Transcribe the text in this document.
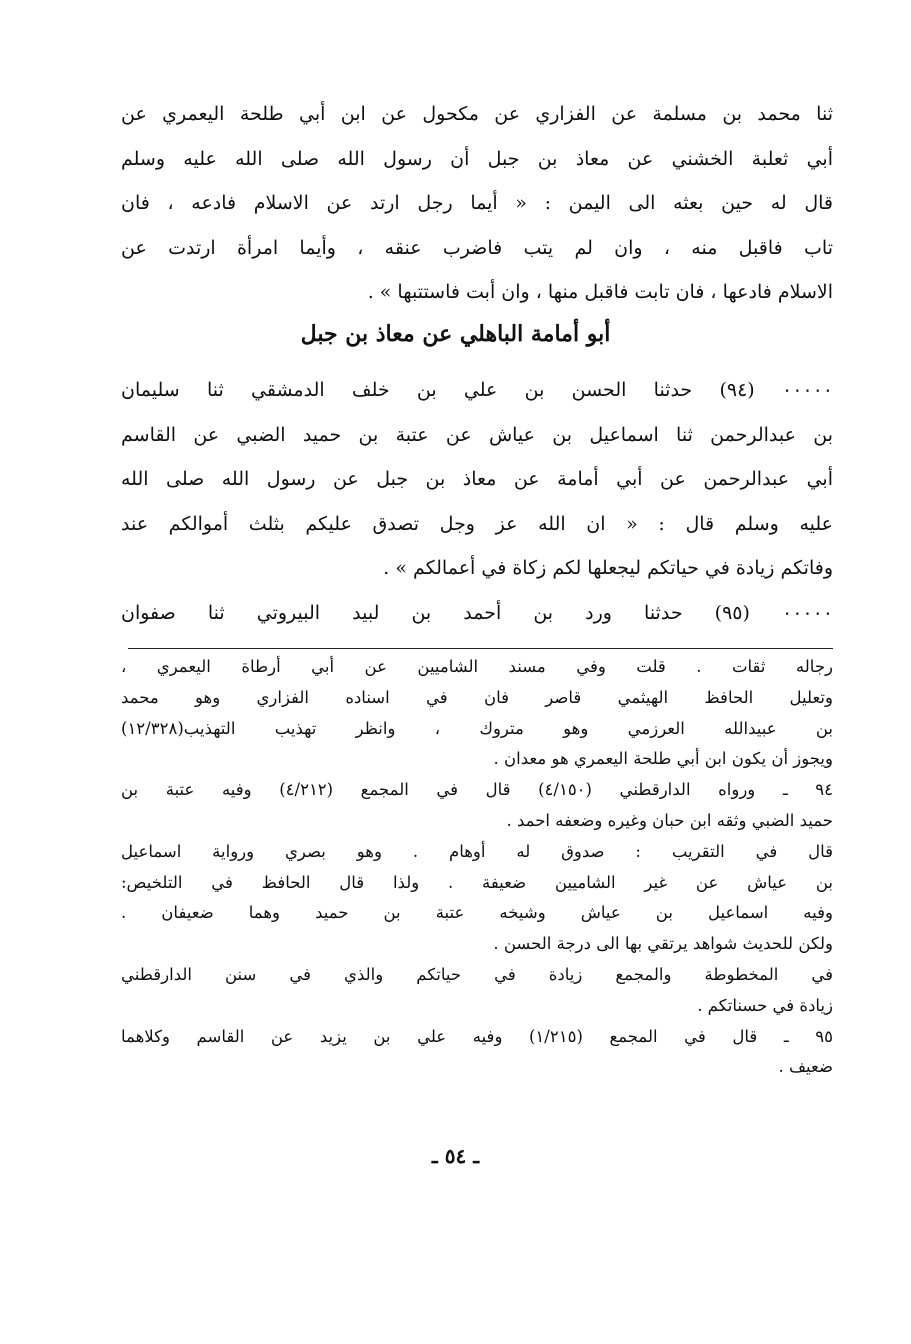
ثنا محمد بن مسلمة عن الفزاري عن مكحول عن ابن أبي طلحة اليعمري عن
أبي ثعلبة الخشني عن معاذ بن جبل أن رسول الله صلى الله عليه وسلم
قال له حين بعثه الى اليمن : « أيما رجل ارتد عن الاسلام فادعه ، فان
تاب فاقبل منه ، وان لم يتب فاضرب عنقه ، وأيما امرأة ارتدت عن
الاسلام فادعها ، فان تابت فاقبل منها ، وان أبت فاستتبها » .
أبو أمامة الباهلي عن معاذ بن جبل
٠٠٠٠٠ (٩٤) حدثنا الحسن بن علي بن خلف الدمشقي ثنا سليمان
بن عبدالرحمن ثنا اسماعيل بن عياش عن عتبة بن حميد الضبي عن القاسم
أبي عبدالرحمن عن أبي أمامة عن معاذ بن جبل عن رسول الله صلى الله
عليه وسلم قال : « ان الله عز وجل تصدق عليكم بثلث أموالكم عند
وفاتكم زيادة في حياتكم ليجعلها لكم زكاة في أعمالكم » .
٠٠٠٠٠ (٩٥) حدثنا ورد بن أحمد بن لبيد البيروتي ثنا صفوان
رجاله ثقات . قلت وفي مسند الشاميين عن أبي أرطاة اليعمري ،
وتعليل الحافظ الهيثمي قاصر فان في اسناده الفزاري وهو محمد
بن عبيدالله العرزمي وهو متروك ، وانظر تهذيب التهذيب(١٢/٣٢٨)
ويجوز أن يكون ابن أبي طلحة اليعمري هو معدان .
٩٤ ـ ورواه الدارقطني (٤/١٥٠) قال في المجمع (٤/٢١٢) وفيه عتبة بن
حميد الضبي وثقه ابن حبان وغيره وضعفه احمد .
قال في التقريب : صدوق له أوهام . وهو بصري ورواية اسماعيل
بن عياش عن غير الشاميين ضعيفة . ولذا قال الحافظ في التلخيص:
وفيه اسماعيل بن عياش وشيخه عتبة بن حميد وهما ضعيفان .
ولكن للحديث شواهد يرتقي بها الى درجة الحسن .
في المخطوطة والمجمع زيادة في حياتكم والذي في سنن الدارقطني
زيادة في حسناتكم .
٩٥ ـ قال في المجمع (١/٢١٥) وفيه علي بن يزيد عن القاسم وكلاهما
ضعيف .
ـ ٥٤ ـ
